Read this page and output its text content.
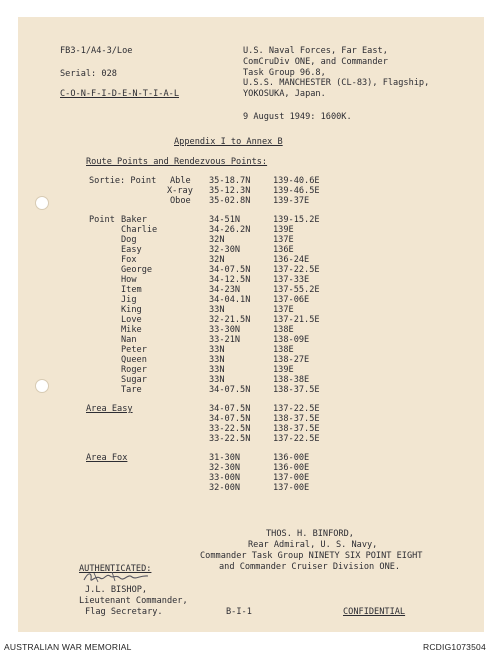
FB3-1/A4-3/Loe
Serial: 028
C-O-N-F-I-D-E-N-T-I-A-L
U.S. Naval Forces, Far East,
ComCruDiv ONE, and Commander
Task Group 96.8,
U.S.S. MANCHESTER (CL-83), Flagship,
YOKOSUKA, Japan.
9 August 1949: 1600K.
Appendix I to Annex B
Route Points and Rendezvous Points:
Sortie: Point Able 35-18.7N	139-40.6E
X-ray 35-12.3N	139-46.5E
Oboe 35-02.8N	139-37E
Point Baker	34-51N	139-15.2E
Charlie	34-26.2N	139E
Dog	32N	137E
Easy	32-30N	136E
Fox	32N	136-24E
George	34-07.5N	137-22.5E
How	34-12.5N	137-33E
Item	34-23N	137-55.2E
Jig	34-04.1N	137-06E
King	33N	137E
Love	32-21.5N	137-21.5E
Mike	33-30N	138E
Nan	33-21N	138-09E
Peter	33N	138E
Queen	33N	138-27E
Roger	33N	139E
Sugar	33N	138-38E
Tare	34-07.5N	138-37.5E
Area Easy	34-07.5N	137-22.5E
34-07.5N	138-37.5E
33-22.5N	138-37.5E
33-22.5N	137-22.5E
Area Fox	31-30N	136-00E
32-30N	136-00E
33-00N	137-00E
32-00N	137-00E
THOS. H. BINFORD,
Rear Admiral, U. S. Navy,
Commander Task Group NINETY SIX POINT EIGHT
and Commander Cruiser Division ONE.
AUTHENTICATED:
J.L. BISHOP,
Lieutenant Commander,
Flag Secretary.	B-I-1	CONFIDENTIAL
AUSTRALIAN WAR MEMORIAL	RCDIG1073504
